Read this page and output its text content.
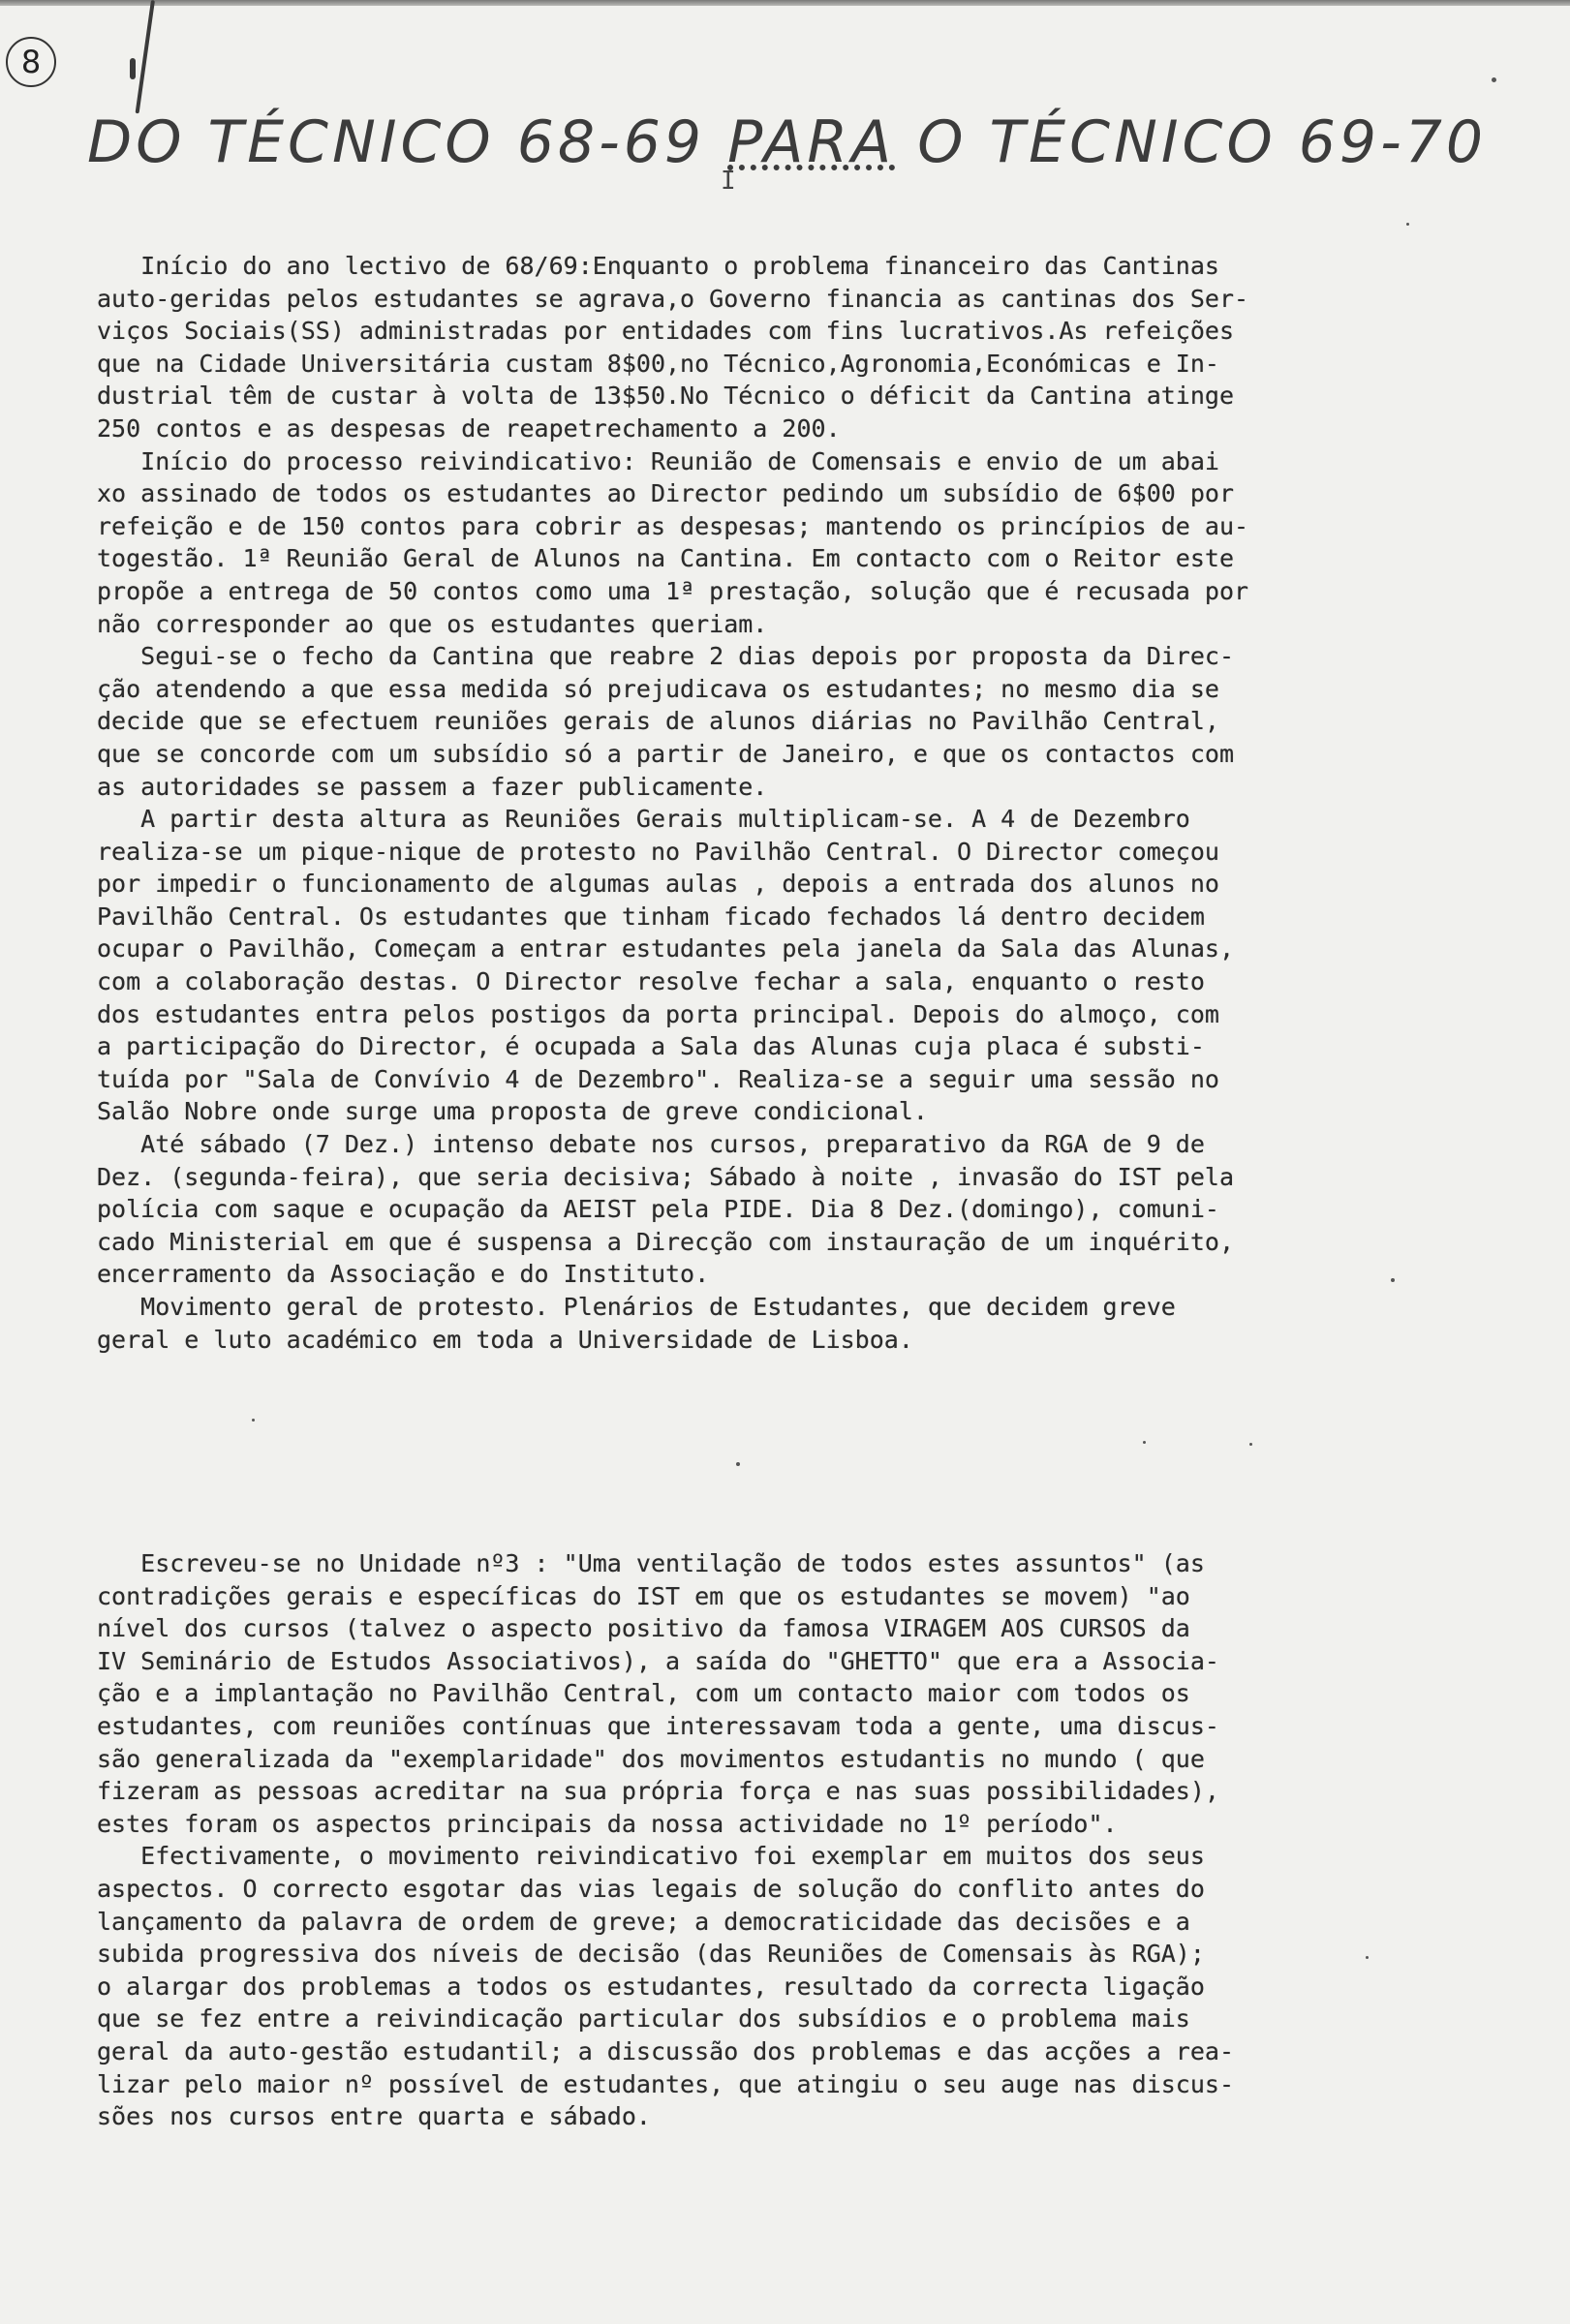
8
DO TÉCNICO 68-69 PARA O TÉCNICO 69-70
I
Início do ano lectivo de 68/69:Enquanto o problema financeiro das Cantinas
auto-geridas pelos estudantes se agrava,o Governo financia as cantinas dos Ser-
viços Sociais(SS) administradas por entidades com fins lucrativos.As refeições
que na Cidade Universitária custam 8$00,no Técnico,Agronomia,Económicas e In-
dustrial têm de custar à volta de 13$50.No Técnico o déficit da Cantina atinge
250 contos e as despesas de reapetrechamento a 200.
Início do processo reivindicativo: Reunião de Comensais e envio de um abai
xo assinado de todos os estudantes ao Director pedindo um subsídio de 6$00 por
refeição e de 150 contos para cobrir as despesas; mantendo os princípios de au-
togestão. 1ª Reunião Geral de Alunos na Cantina. Em contacto com o Reitor este
propõe a entrega de 50 contos como uma 1ª prestação, solução que é recusada por
não corresponder ao que os estudantes queriam.
Segui-se o fecho da Cantina que reabre 2 dias depois por proposta da Direc-
ção atendendo a que essa medida só prejudicava os estudantes; no mesmo dia se
decide que se efectuem reuniões gerais de alunos diárias no Pavilhão Central,
que se concorde com um subsídio só a partir de Janeiro, e que os contactos com
as autoridades se passem a fazer publicamente.
A partir desta altura as Reuniões Gerais multiplicam-se. A 4 de Dezembro
realiza-se um pique-nique de protesto no Pavilhão Central. O Director começou
por impedir o funcionamento de algumas aulas , depois a entrada dos alunos no
Pavilhão Central. Os estudantes que tinham ficado fechados lá dentro decidem
ocupar o Pavilhão, Começam a entrar estudantes pela janela da Sala das Alunas,
com a colaboração destas. O Director resolve fechar a sala, enquanto o resto
dos estudantes entra pelos postigos da porta principal. Depois do almoço, com
a participação do Director, é ocupada a Sala das Alunas cuja placa é substi-
tuída por "Sala de Convívio 4 de Dezembro". Realiza-se a seguir uma sessão no
Salão Nobre onde surge uma proposta de greve condicional.
Até sábado (7 Dez.) intenso debate nos cursos, preparativo da RGA de 9 de
Dez. (segunda-feira), que seria decisiva; Sábado à noite , invasão do IST pela
polícia com saque e ocupação da AEIST pela PIDE. Dia 8 Dez.(domingo), comuni-
cado Ministerial em que é suspensa a Direcção com instauração de um inquérito,
encerramento da Associação e do Instituto.
Movimento geral de protesto. Plenários de Estudantes, que decidem greve
geral e luto académico em toda a Universidade de Lisboa.
Escreveu-se no Unidade nº3 : "Uma ventilação de todos estes assuntos" (as
contradições gerais e específicas do IST em que os estudantes se movem) "ao
nível dos cursos (talvez o aspecto positivo da famosa VIRAGEM AOS CURSOS da
IV Seminário de Estudos Associativos), a saída do "GHETTO" que era a Associa-
ção e a implantação no Pavilhão Central, com um contacto maior com todos os
estudantes, com reuniões contínuas que interessavam toda a gente, uma discus-
são generalizada da "exemplaridade" dos movimentos estudantis no mundo ( que
fizeram as pessoas acreditar na sua própria força e nas suas possibilidades),
estes foram os aspectos principais da nossa actividade no 1º período".
Efectivamente, o movimento reivindicativo foi exemplar em muitos dos seus
aspectos. O correcto esgotar das vias legais de solução do conflito antes do
lançamento da palavra de ordem de greve; a democraticidade das decisões e a
subida progressiva dos níveis de decisão (das Reuniões de Comensais às RGA);
o alargar dos problemas a todos os estudantes, resultado da correcta ligação
que se fez entre a reivindicação particular dos subsídios e o problema mais
geral da auto-gestão estudantil; a discussão dos problemas e das acções a rea-
lizar pelo maior nº possível de estudantes, que atingiu o seu auge nas discus-
sões nos cursos entre quarta e sábado.
